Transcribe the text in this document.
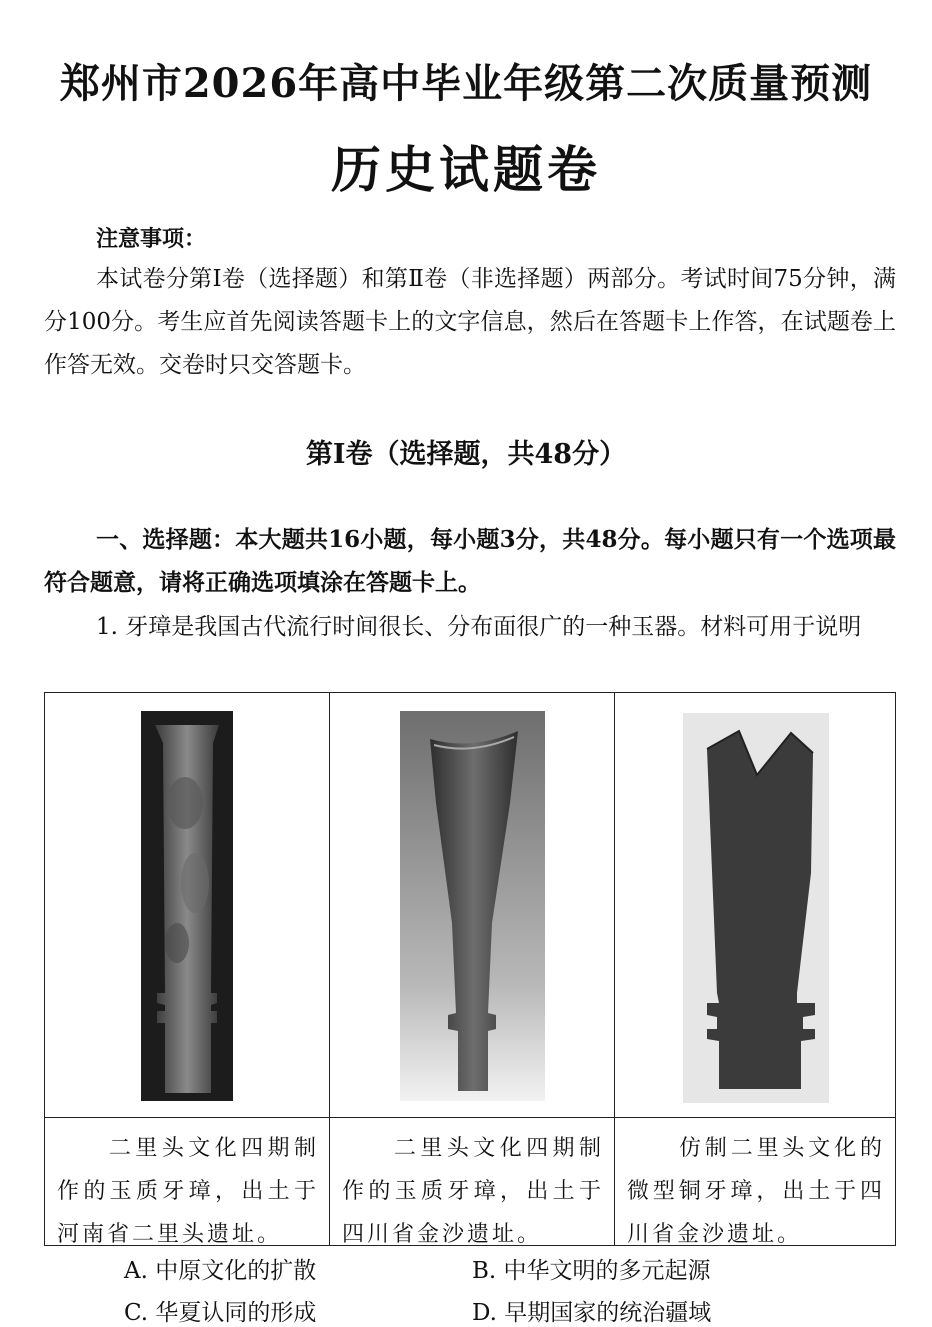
郑州市2026年高中毕业年级第二次质量预测
历史试题卷
注意事项：

本试卷分第Ⅰ卷（选择题）和第Ⅱ卷（非选择题）两部分。考试时间75分钟，满分100分。考生应首先阅读答题卡上的文字信息，然后在答题卡上作答，在试题卷上作答无效。交卷时只交答题卡。

第Ⅰ卷（选择题，共48分）

一、选择题：本大题共16小题，每小题3分，共48分。每小题只有一个选项最符合题意，请将正确选项填涂在答题卡上。

1. 牙璋是我国古代流行时间很长、分布面很广的一种玉器。材料可用于说明

二里头文化四期制作的玉质牙璋，出土于河南省二里头遗址。
二里头文化四期制作的玉质牙璋，出土于四川省金沙遗址。
仿制二里头文化的微型铜牙璋，出土于四川省金沙遗址。
A. 中原文化的扩散	B. 中华文明的多元起源
C. 华夏认同的形成	D. 早期国家的统治疆域
